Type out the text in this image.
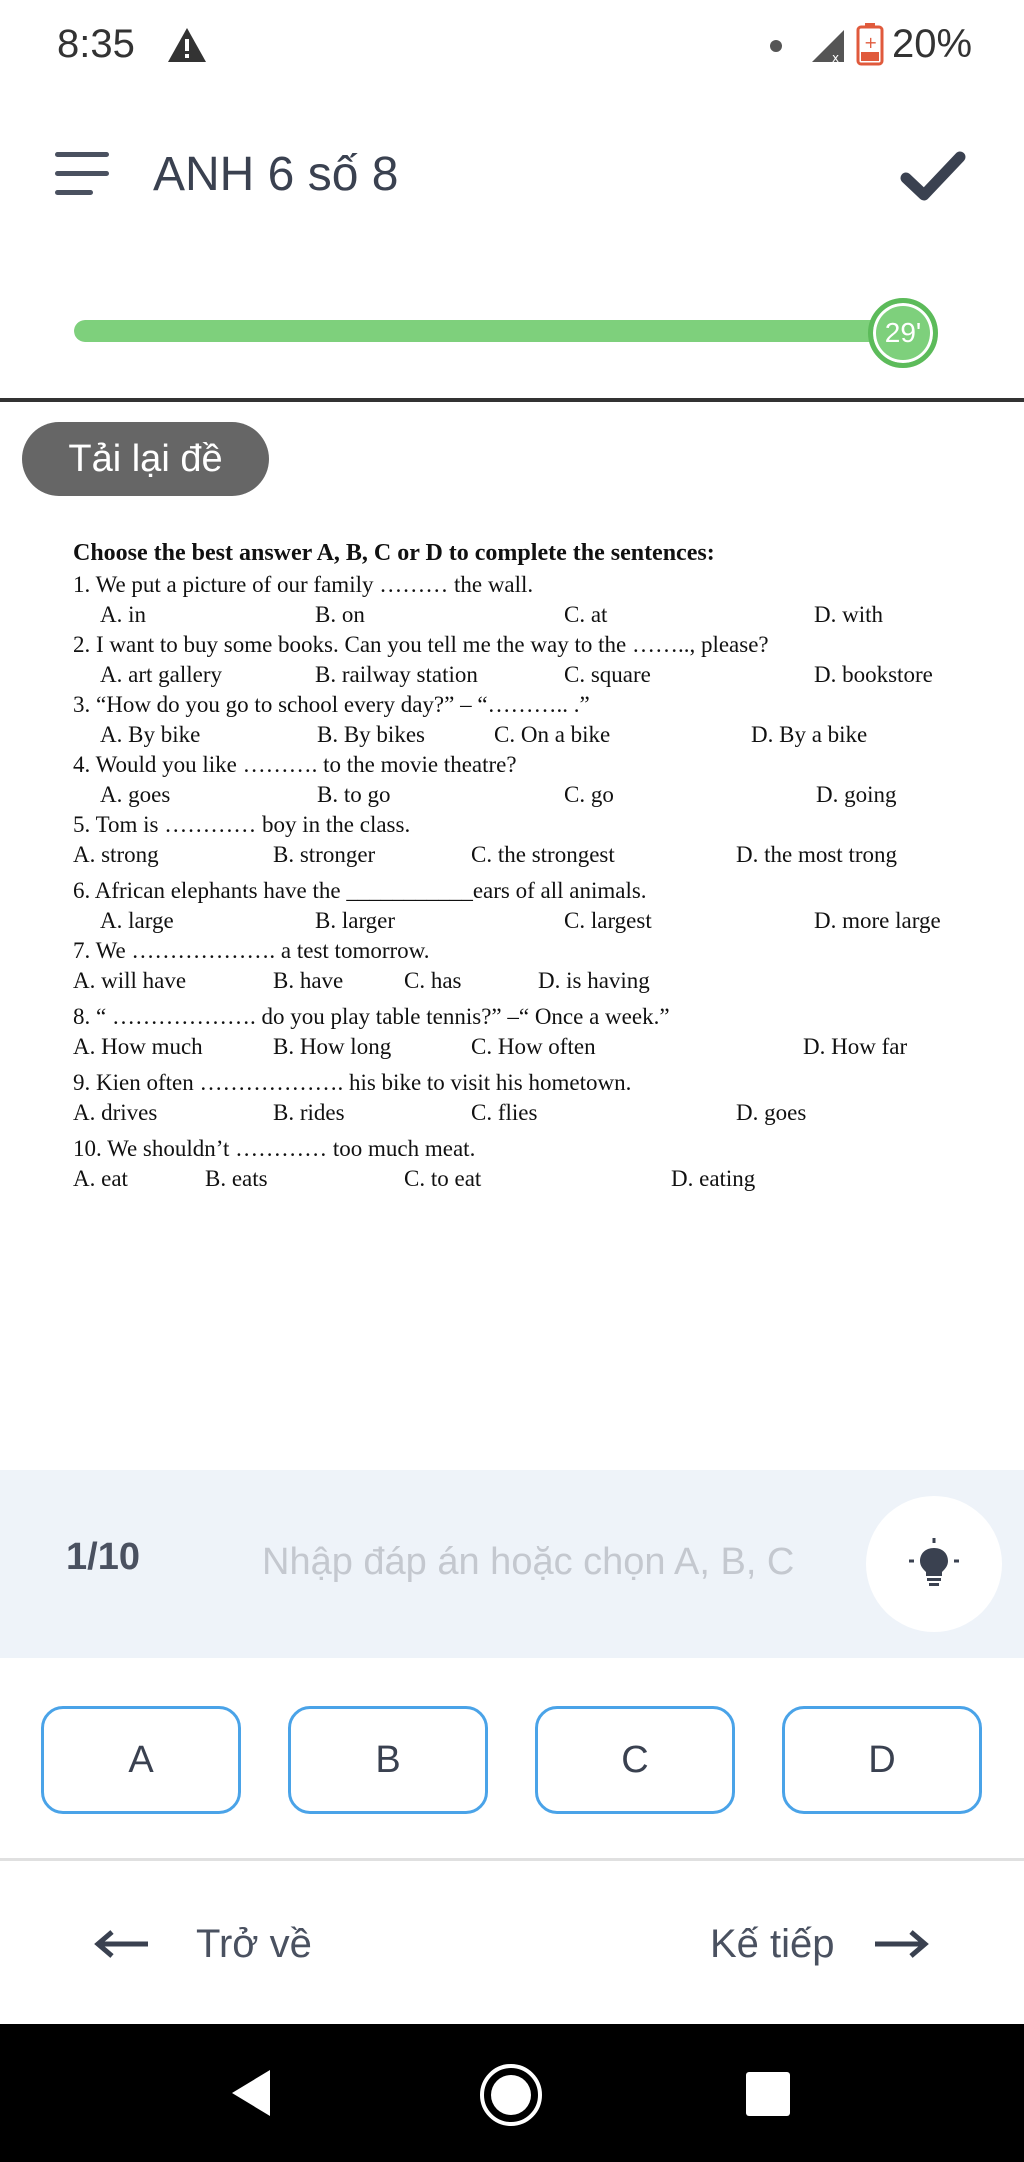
8:35	x
+ 20%
ANH 6 số 8
29'
Tải lại đề
Choose the best answer A, B, C or D to complete the sentences:
1. We put a picture of our family ……… the wall.
A. in	B. on	C. at	D. with
2. I want to buy some books. Can you tell me the way to the …….., please?
A. art gallery	B. railway station	C. square	D. bookstore
3. “How do you go to school every day?” – “……….. .”
A. By bike	B. By bikes	C. On a bike	D. By a bike
4. Would you like ………. to the movie theatre?
A. goes	B. to go	C. go	D. going
5. Tom is ………… boy in the class.
A. strong	B. stronger	C. the strongest	D. the most trong
6. African elephants have the ___________ears of all animals.
A. large	B. larger	C. largest	D. more large
7. We ………………. a test tomorrow.
A. will have	B. have	C. has	D. is having
8. “ ………………. do you play table tennis?” –“ Once a week.”
A. How much	B. How long	C. How often	D. How far
9. Kien often ………………. his bike to visit his hometown.
A. drives	B. rides	C. flies	D. goes
10. We shouldn’t ………… too much meat.
A. eat	B. eats	C. to eat	D. eating
1/10
Nhập đáp án hoặc chọn A, B, C
A	B	C	D
Trở về	Kế tiếp
